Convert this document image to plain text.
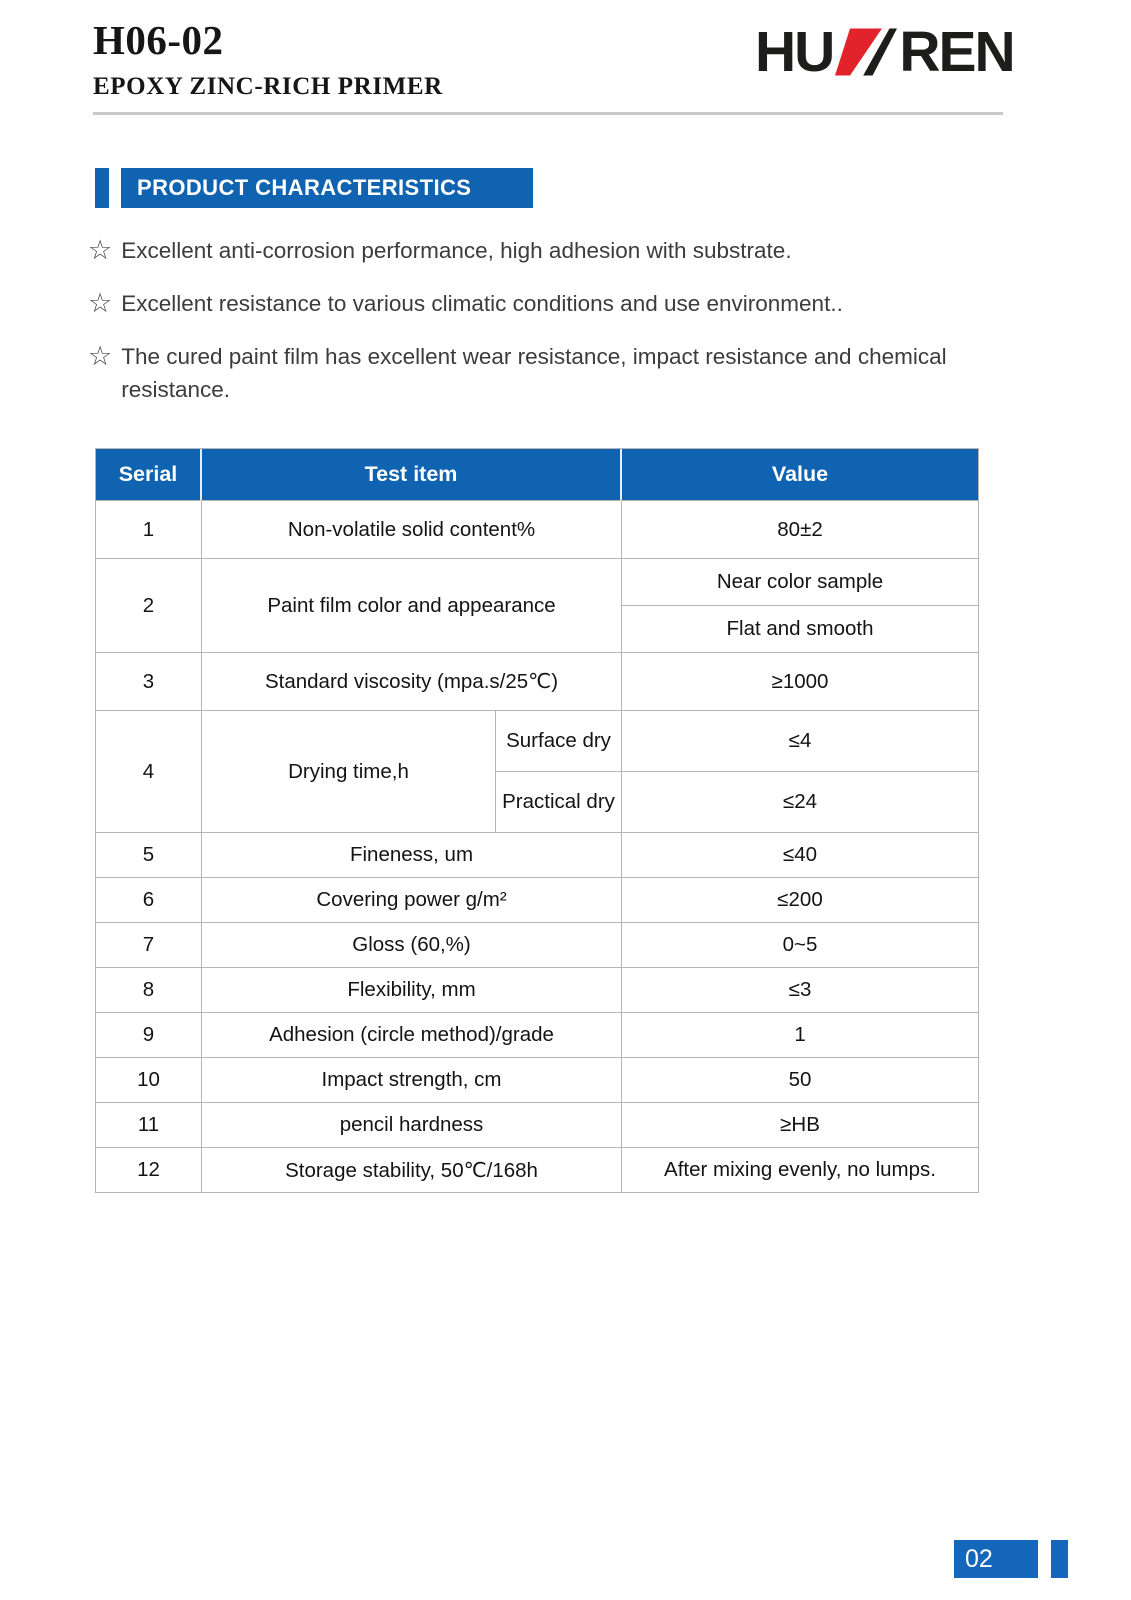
H06-02
EPOXY ZINC-RICH PRIMER
HU REN
PRODUCT CHARACTERISTICS
☆ Excellent anti-corrosion performance, high adhesion with substrate.
☆ Excellent resistance to various climatic conditions and use environment..
☆ The cured paint film has excellent wear resistance, impact resistance and chemical resistance.
Serial	Test item		Value
1	Non-volatile solid content%		80±2
2	Paint film color and appearance		Near color sample
			Flat and smooth
3	Standard viscosity (mpa.s/25℃)		≥1000
4	Drying time,h	Surface dry	≤4
		Practical dry	≤24
5	Fineness, um		≤40
6	Covering power g/m²		≤200
7	Gloss (60,%)		0~5
8	Flexibility, mm		≤3
9	Adhesion (circle method)/grade		1
10	Impact strength, cm		50
11	pencil hardness		≥HB
12	Storage stability, 50℃/168h		After mixing evenly, no lumps.
02
